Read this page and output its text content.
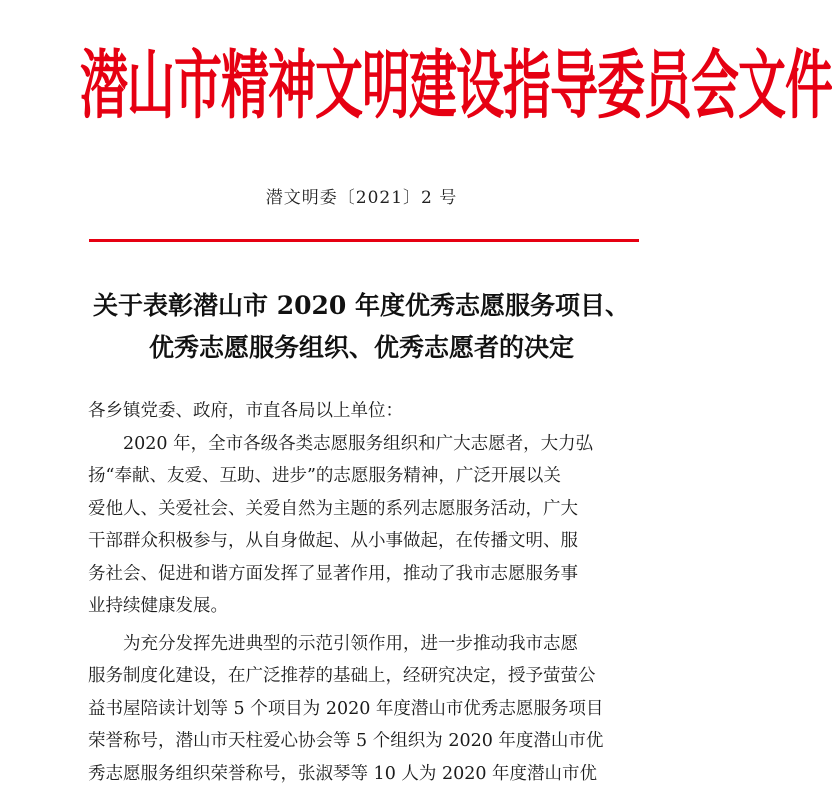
潜山市精神文明建设指导委员会文件
潜文明委〔2021〕2 号
关于表彰潜山市 2020 年度优秀志愿服务项目、
优秀志愿服务组织、优秀志愿者的决定

各乡镇党委、政府，市直各局以上单位：

2020 年，全市各级各类志愿服务组织和广大志愿者，大力弘
扬“奉献、友爱、互助、进步”的志愿服务精神，广泛开展以关
爱他人、关爱社会、关爱自然为主题的系列志愿服务活动，广大
干部群众积极参与，从自身做起、从小事做起，在传播文明、服
务社会、促进和谐方面发挥了显著作用，推动了我市志愿服务事
业持续健康发展。

为充分发挥先进典型的示范引领作用，进一步推动我市志愿
服务制度化建设，在广泛推荐的基础上，经研究决定，授予萤萤公
益书屋陪读计划等 5 个项目为 2020 年度潜山市优秀志愿服务项目
荣誉称号，潜山市天柱爱心协会等 5 个组织为 2020 年度潜山市优
秀志愿服务组织荣誉称号，张淑琴等 10 人为 2020 年度潜山市优
